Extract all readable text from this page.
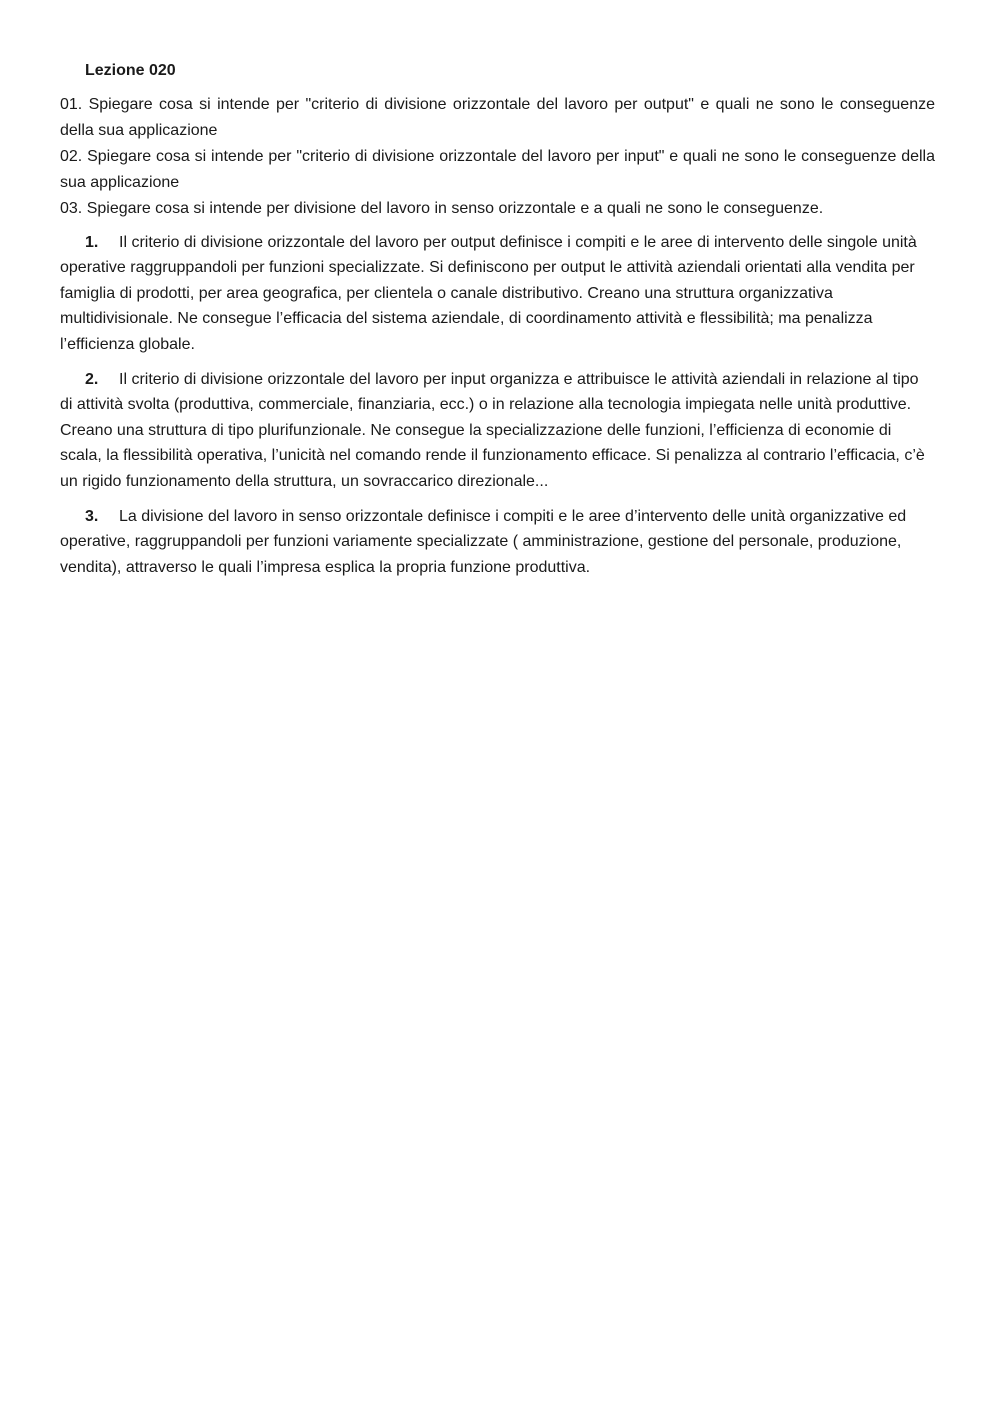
Lezione 020

01. Spiegare cosa si intende per "criterio di divisione orizzontale del lavoro per output" e quali ne sono le conseguenze della sua applicazione

02. Spiegare cosa si intende per "criterio di divisione orizzontale del lavoro per input" e quali ne sono le conseguenze della sua applicazione

03. Spiegare cosa si intende per divisione del lavoro in senso orizzontale e a quali ne sono le conseguenze.

1. Il criterio di divisione orizzontale del lavoro per output definisce i compiti e le aree di intervento delle singole unità operative raggruppandoli per funzioni specializzate. Si definiscono per output le attività aziendali orientati alla vendita per famiglia di prodotti, per area geografica, per clientela o canale distributivo. Creano una struttura organizzativa multidivisionale. Ne consegue l’efficacia del sistema aziendale, di coordinamento attività e flessibilità; ma penalizza l’efficienza globale.

2. Il criterio di divisione orizzontale del lavoro per input organizza e attribuisce le attività aziendali in relazione al tipo di attività svolta (produttiva, commerciale, finanziaria, ecc.) o in relazione alla tecnologia impiegata nelle unità produttive. Creano una struttura di tipo plurifunzionale. Ne consegue la specializzazione delle funzioni, l’efficienza di economie di scala, la flessibilità operativa, l’unicità nel comando rende il funzionamento efficace. Si penalizza al contrario l’efficacia, c’è un rigido funzionamento della struttura, un sovraccarico direzionale...

3. La divisione del lavoro in senso orizzontale definisce i compiti e le aree d’intervento delle unità organizzative ed operative, raggruppandoli per funzioni variamente specializzate ( amministrazione, gestione del personale, produzione, vendita), attraverso le quali l’impresa esplica la propria funzione produttiva.
